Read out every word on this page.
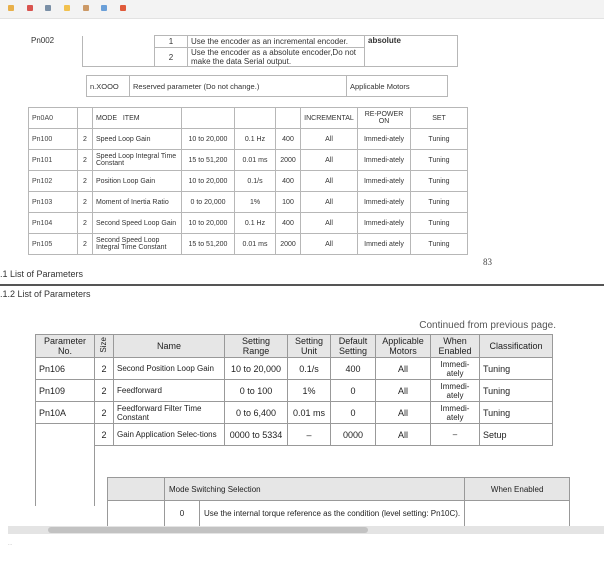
Pn002		1	Use the encoder as an incremental encoder.	absolute
		2	Use the encoder as a absolute encoder,Do not make the data Serial output.	
n.XOOO	Reserved parameter (Do not change.)	Applicable Motors
Pn0A0		MODE ITEM				INCREMENTAL	RE-POWER ON	SET
Pn100	2	Speed Loop Gain	10 to 20,000	0.1 Hz	400	All	Immedi-ately	Tuning
Pn101	2	Speed Loop Integral Time Constant	15 to 51,200	0.01 ms	2000	All	Immedi-ately	Tuning
Pn102	2	Position Loop Gain	10 to 20,000	0.1/s	400	All	Immedi-ately	Tuning
Pn103	2	Moment of Inertia Ratio	0 to 20,000	1%	100	All	Immedi-ately	Tuning
Pn104	2	Second Speed Loop Gain	10 to 20,000	0.1 Hz	400	All	Immedi-ately	Tuning
Pn105	2	Second Speed Loop Integral Time Constant	15 to 51,200	0.01 ms	2000	All	Immedi ately	Tuning
83
.1 List of Parameters
.1.2 List of Parameters
Continued from previous page.
Parameter No.	Size	Name	Setting Range	Setting Unit	Default Setting	Applicable Motors	When Enabled	Classification
Pn106	2	Second Position Loop Gain	10 to 20,000	0.1/s	400	All	Immedi-ately	Tuning
Pn109	2	Feedforward	0 to 100	1%	0	All	Immedi-ately	Tuning
Pn10A	2	Feedforward Filter Time Constant	0 to 6,400	0.01 ms	0	All	Immedi-ately	Tuning
	2	Gain Application Selec-tions	0000 to 5334	–	0000	All	–	Setup

	Mode Switching Selection		When Enabled
	0	Use the internal torque reference as the condition (level setting: Pn10C).	
...
